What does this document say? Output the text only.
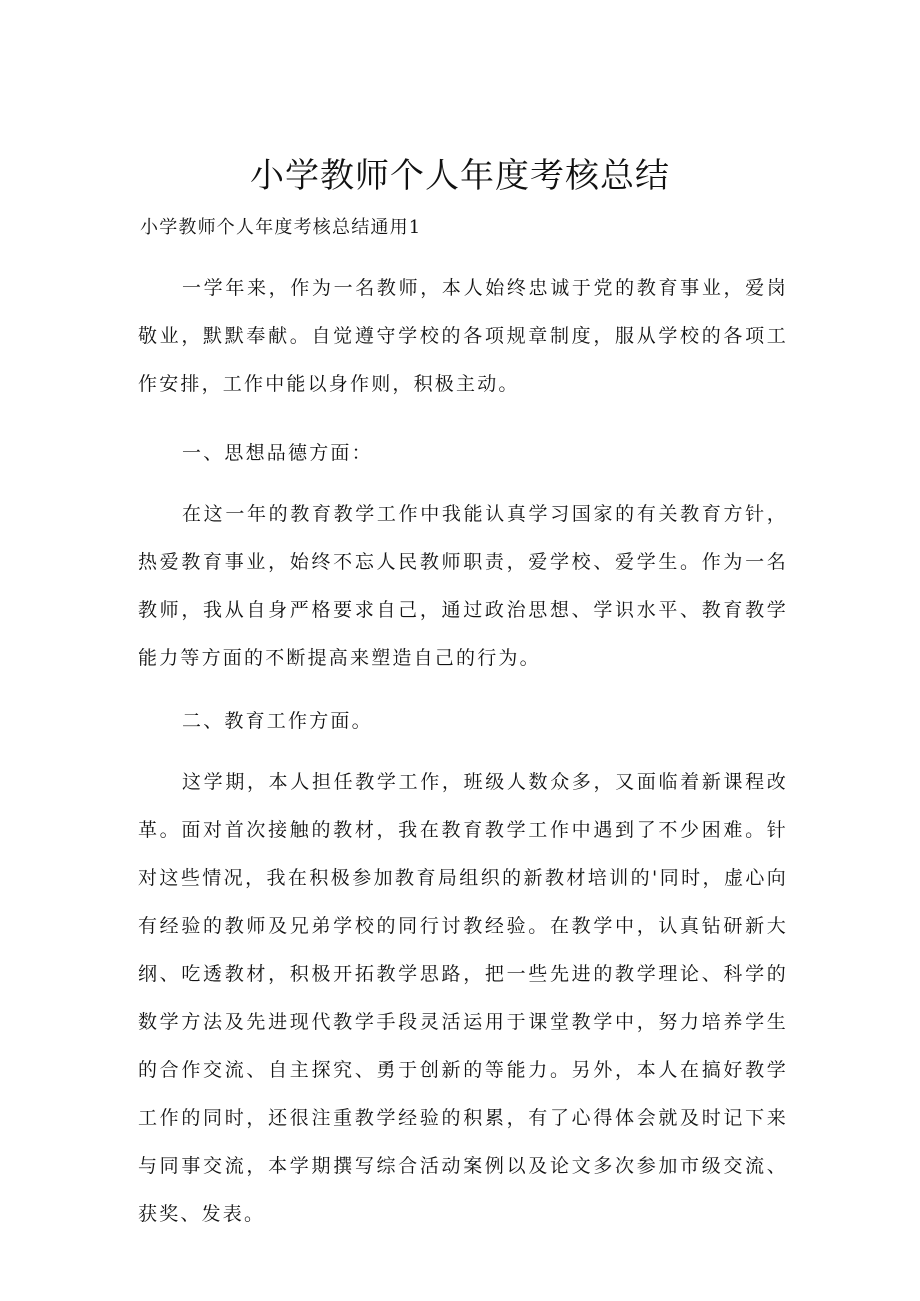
小学教师个人年度考核总结

小学教师个人年度考核总结通用1

一学年来，作为一名教师，本人始终忠诚于党的教育事业，爱岗敬业，默默奉献。自觉遵守学校的各项规章制度，服从学校的各项工作安排，工作中能以身作则，积极主动。

一、思想品德方面：

在这一年的教育教学工作中我能认真学习国家的有关教育方针，热爱教育事业，始终不忘人民教师职责，爱学校、爱学生。作为一名教师，我从自身严格要求自己，通过政治思想、学识水平、教育教学能力等方面的不断提高来塑造自己的行为。

二、教育工作方面。

这学期，本人担任教学工作，班级人数众多，又面临着新课程改革。面对首次接触的教材，我在教育教学工作中遇到了不少困难。针对这些情况，我在积极参加教育局组织的新教材培训的'同时，虚心向有经验的教师及兄弟学校的同行讨教经验。在教学中，认真钻研新大纲、吃透教材，积极开拓教学思路，把一些先进的教学理论、科学的数学方法及先进现代教学手段灵活运用于课堂教学中，努力培养学生的合作交流、自主探究、勇于创新的等能力。另外，本人在搞好教学工作的同时，还很注重教学经验的积累，有了心得体会就及时记下来与同事交流，本学期撰写综合活动案例以及论文多次参加市级交流、获奖、发表。
